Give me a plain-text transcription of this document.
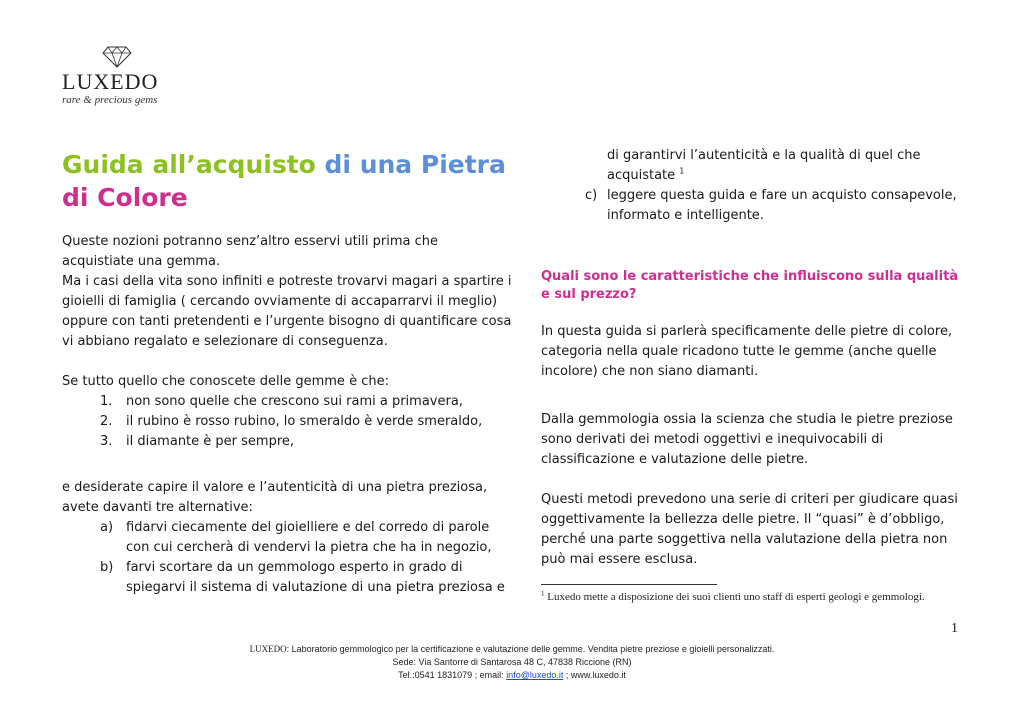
LUXEDO
rare & precious gems
Guida all’acquisto di una Pietra
di Colore

Queste nozioni potranno senz’altro esservi utili prima che acquistiate una gemma.

Ma i casi della vita sono infiniti e potreste trovarvi magari a spartire i gioielli di famiglia ( cercando ovviamente di accaparrarvi il meglio) oppure con tanti pretendenti e l’urgente bisogno di quantificare cosa vi abbiano regalato e selezionare di conseguenza.

Se tutto quello che conoscete delle gemme è che:

1. non sono quelle che crescono sui rami a primavera,
2. il rubino è rosso rubino, lo smeraldo è verde smeraldo,
3. il diamante è per sempre,

e desiderate capire il valore e l’autenticità di una pietra preziosa, avete davanti tre alternative:

a) fidarvi ciecamente del gioielliere e del corredo di parole con cui cercherà di vendervi la pietra che ha in negozio,
b) farvi scortare da un gemmologo esperto in grado di spiegarvi il sistema di valutazione di una pietra preziosa e
di garantirvi l’autenticità e la qualità di quel che acquistate $^1$
c) leggere questa guida e fare un acquisto consapevole, informato e intelligente.
Quali sono le caratteristiche che influiscono sulla qualità e sul prezzo?

In questa guida si parlerà specificamente delle pietre di colore, categoria nella quale ricadono tutte le gemme (anche quelle incolore) che non siano diamanti.

Dalla gemmologia ossia la scienza che studia le pietre preziose sono derivati dei metodi oggettivi e inequivocabili di classificazione e valutazione delle pietre.

Questi metodi prevedono una serie di criteri per giudicare quasi oggettivamente la bellezza delle pietre. Il “quasi” è d’obbligo, perché una parte soggettiva nella valutazione della pietra non può mai essere esclusa.

$^1$ Luxedo mette a disposizione dei suoi clienti uno staff di esperti geologi e gemmologi.
1
LUXEDO: Laboratorio gemmologico per la certificazione e valutazione delle gemme. Vendita pietre preziose e gioielli personalizzati.
Sede: Via Santorre di Santarosa 48 C, 47838 Riccione (RN)
Tel.:0541 1831079 ; email: info@luxedo.it ; www.luxedo.it
